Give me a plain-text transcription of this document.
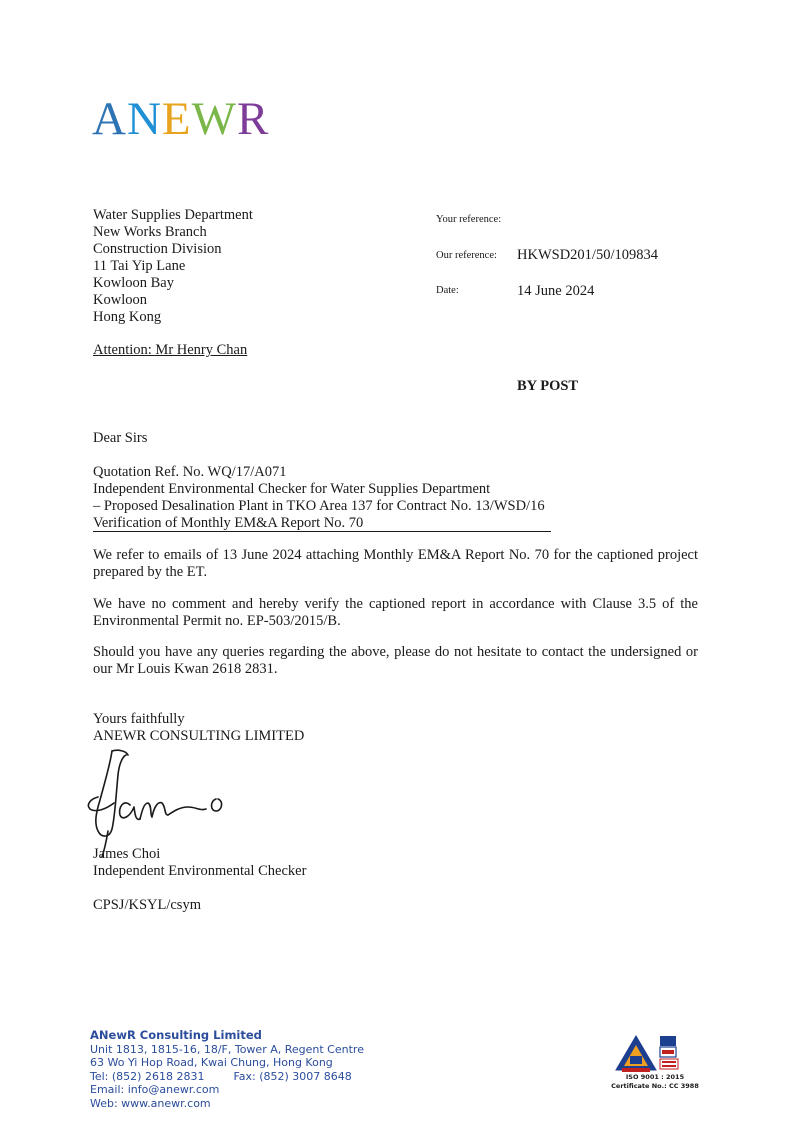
ANEWR
Water Supplies Department
New Works Branch
Construction Division
11 Tai Yip Lane
Kowloon Bay
Kowloon
Hong Kong
Your reference:
Our reference: HKWSD201/50/109834
Date:	14 June 2024
Attention: Mr Henry Chan
BY POST
Dear Sirs
Quotation Ref. No. WQ/17/A071
Independent Environmental Checker for Water Supplies Department
– Proposed Desalination Plant in TKO Area 137 for Contract No. 13/WSD/16
Verification of Monthly EM&A Report No. 70
We refer to emails of 13 June 2024 attaching Monthly EM&A Report No. 70 for the captioned project prepared by the ET.
We have no comment and hereby verify the captioned report in accordance with Clause 3.5 of the Environmental Permit no. EP-503/2015/B.
Should you have any queries regarding the above, please do not hesitate to contact the undersigned or our Mr Louis Kwan 2618 2831.
Yours faithfully
ANEWR CONSULTING LIMITED
James Choi
Independent Environmental Checker
CPSJ/KSYL/csym
ANewR Consulting Limited
Unit 1813, 1815-16, 18/F, Tower A, Regent Centre
63 Wo Yi Hop Road, Kwai Chung, Hong Kong
Tel: (852) 2618 2831	Fax: (852) 3007 8648
Email: info@anewr.com
Web: www.anewr.com
ISO 9001 : 2015
Certificate No.: CC 3988
